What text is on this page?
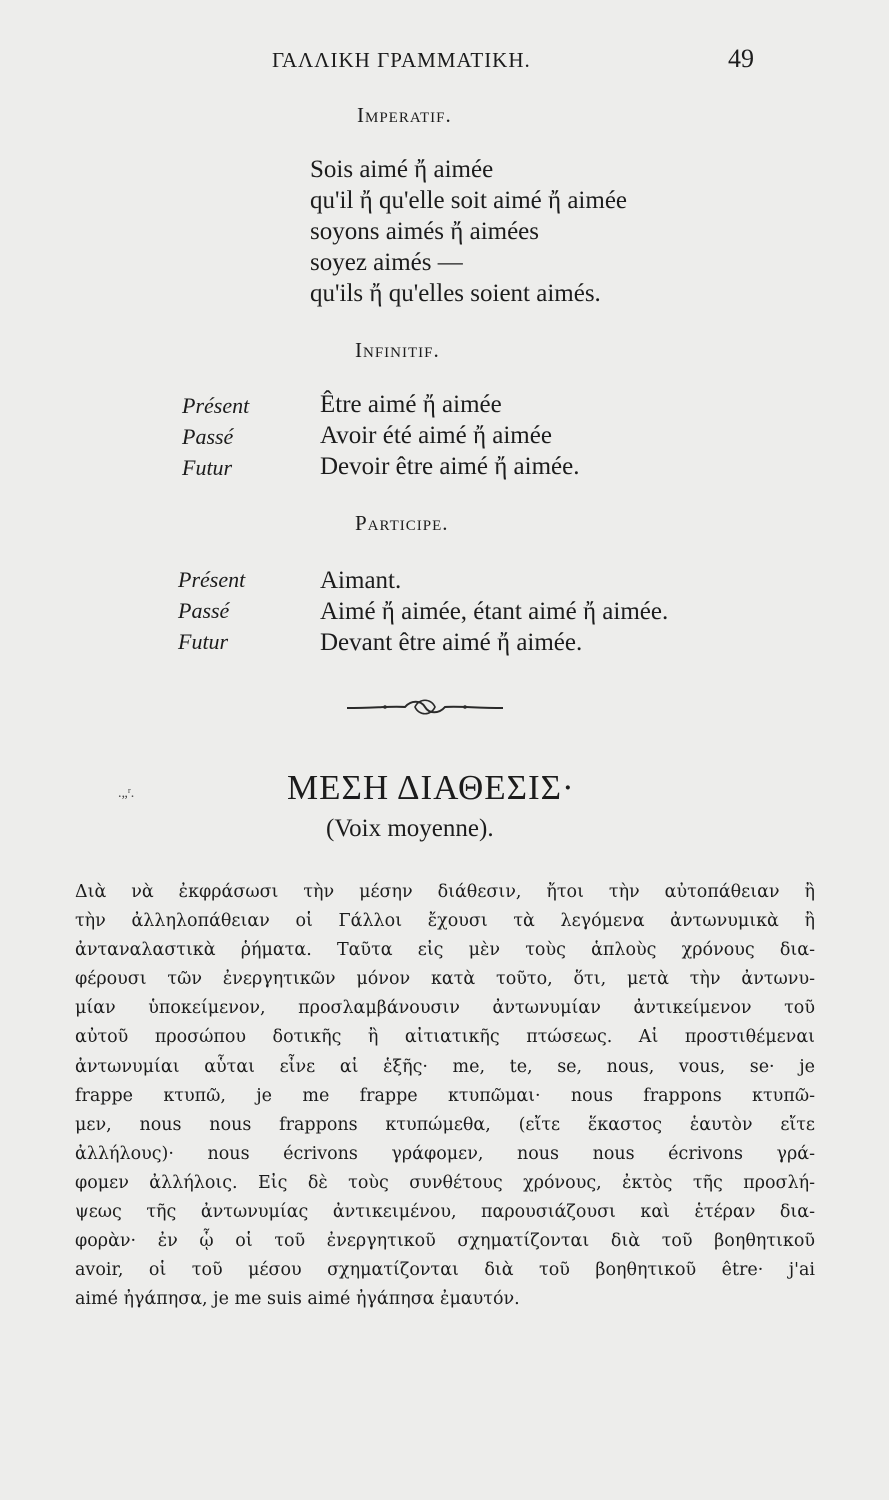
ΓΑΛΛΙΚΗ ΓΡΑΜΜΑΤΙΚΗ.	49
Imperatif.
Sois aimé ἤ aimée
qu'il ἤ qu'elle soit aimé ἤ aimée
soyons aimés ἤ aimées
soyez aimés —
qu'ils ἤ qu'elles soient aimés.
Infinitif.
Présent	Être aimé ἤ aimée
Passé	Avoir été aimé ἤ aimée
Futur	Devoir être aimé ἤ aimée.
Participe.
Présent	Aimant.
Passé	Aimé ἤ aimée, étant aimé ἤ aimée.
Futur	Devant être aimé ἤ aimée.
.„ʳ.	ΜΕΣΗ ΔΙΑΘΕΣΙΣ·
(Voix moyenne).
Διὰ νὰ ἐκφράσωσι τὴν μέσην διάθεσιν, ἤτοι τὴν αὐτοπάθειαν ἢ
τὴν ἀλληλοπάθειαν οἱ Γάλλοι ἔχουσι τὰ λεγόμενα ἀντωνυμικὰ ἢ
ἀνταναλαστικὰ ῥήματα. Ταῦτα εἰς μὲν τοὺς ἁπλοὺς χρόνους δια-
φέρουσι τῶν ἐνεργητικῶν μόνον κατὰ τοῦτο, ὅτι, μετὰ τὴν ἀντωνυ-
μίαν ὑποκείμενον, προσλαμβάνουσιν ἀντωνυμίαν ἀντικείμενον τοῦ
αὐτοῦ προσώπου δοτικῆς ἢ αἰτιατικῆς πτώσεως. Αἱ προστιθέμεναι
ἀντωνυμίαι αὗται εἶνε αἱ ἑξῆς· me, te, se, nous, vous, se· je
frappe κτυπῶ, je me frappe κτυπῶμαι· nous frappons κτυπῶ-
μεν, nous nous frappons κτυπώμεθα, (εἴτε ἕκαστος ἑαυτὸν εἴτε
ἀλλήλους)· nous écrivons γράφομεν, nous nous écrivons γρά-
φομεν ἀλλήλοις. Εἰς δὲ τοὺς συνθέτους χρόνους, ἐκτὸς τῆς προσλή-
ψεως τῆς ἀντωνυμίας ἀντικειμένου, παρουσιάζουσι καὶ ἑτέραν δια-
φορὰν· ἐν ᾧ οἱ τοῦ ἐνεργητικοῦ σχηματίζονται διὰ τοῦ βοηθητικοῦ
avoir, οἱ τοῦ μέσου σχηματίζονται διὰ τοῦ βοηθητικοῦ être· j'ai
aimé ἠγάπησα, je me suis aimé ἠγάπησα ἐμαυτόν.
